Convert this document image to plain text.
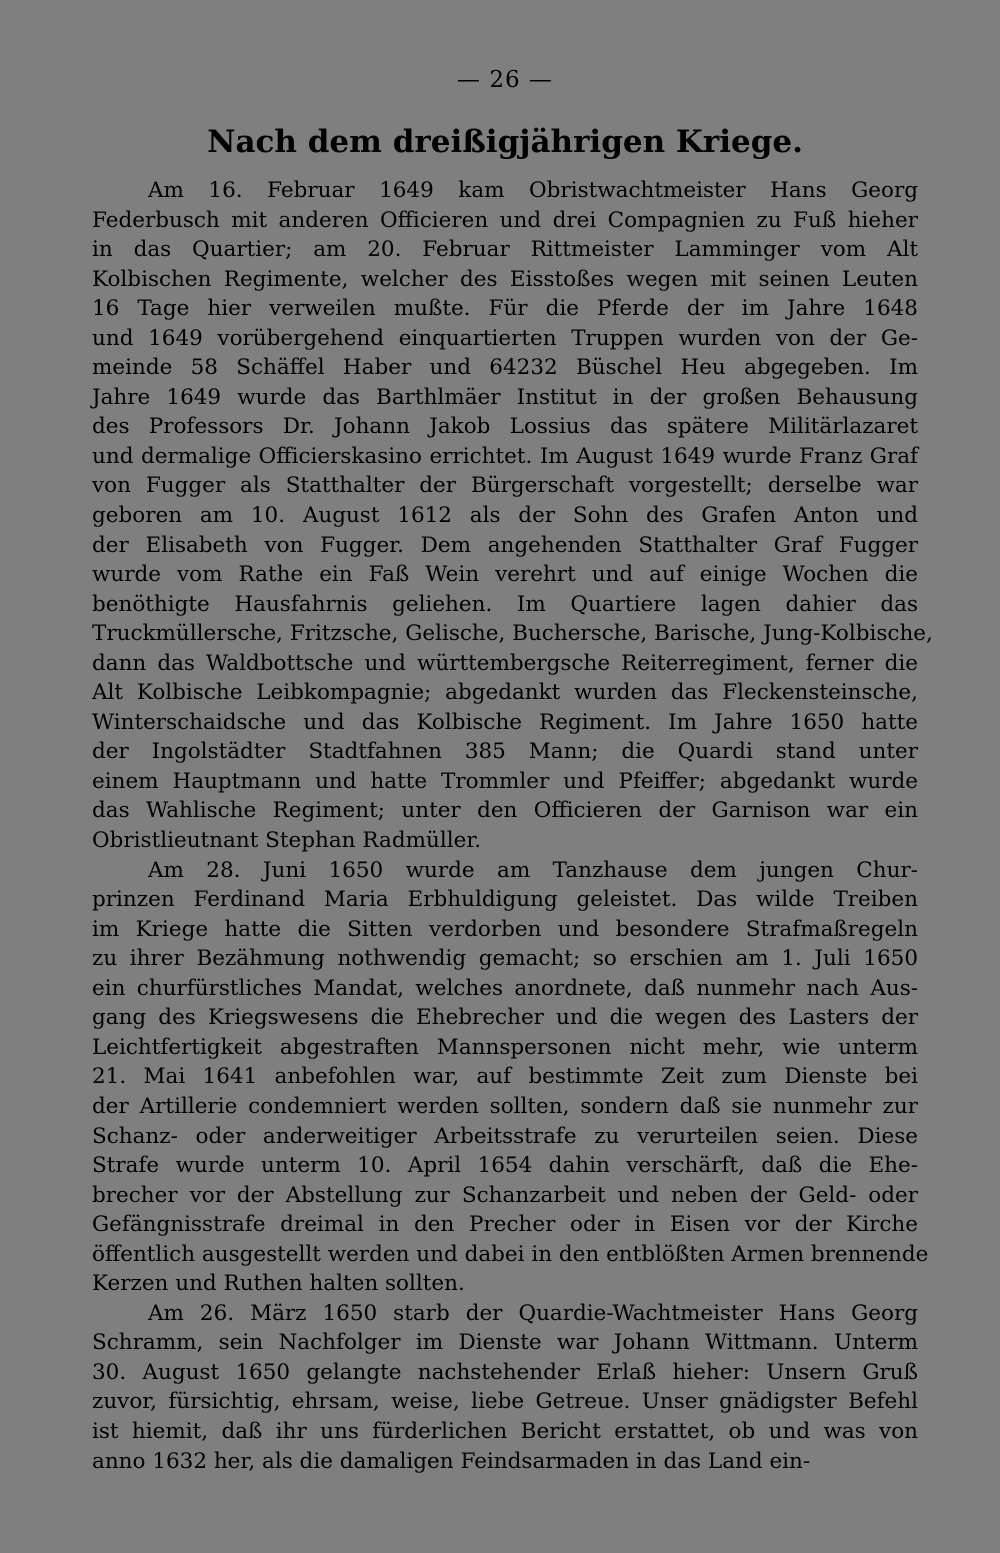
— 26 —
Nach dem dreißigjährigen Kriege.

Am 16. Februar 1649 kam Obristwachtmeister Hans Georg
Federbusch mit anderen Officieren und drei Compagnien zu Fuß hieher
in das Quartier; am 20. Februar Rittmeister Lamminger vom Alt
Kolbischen Regimente, welcher des Eisstoßes wegen mit seinen Leuten
16 Tage hier verweilen mußte. Für die Pferde der im Jahre 1648
und 1649 vorübergehend einquartierten Truppen wurden von der Ge-
meinde 58 Schäffel Haber und 64232 Büschel Heu abgegeben. Im
Jahre 1649 wurde das Barthlmäer Institut in der großen Behausung
des Professors Dr. Johann Jakob Lossius das spätere Militärlazaret
und dermalige Officierskasino errichtet. Im August 1649 wurde Franz Graf
von Fugger als Statthalter der Bürgerschaft vorgestellt; derselbe war
geboren am 10. August 1612 als der Sohn des Grafen Anton und
der Elisabeth von Fugger. Dem angehenden Statthalter Graf Fugger
wurde vom Rathe ein Faß Wein verehrt und auf einige Wochen die
benöthigte Hausfahrnis geliehen. Im Quartiere lagen dahier das
Truckmüllersche, Fritzsche, Gelische, Buchersche, Barische, Jung-Kolbische,
dann das Waldbottsche und württembergsche Reiterregiment, ferner die
Alt Kolbische Leibkompagnie; abgedankt wurden das Fleckensteinsche,
Winterschaidsche und das Kolbische Regiment. Im Jahre 1650 hatte
der Ingolstädter Stadtfahnen 385 Mann; die Quardi stand unter
einem Hauptmann und hatte Trommler und Pfeiffer; abgedankt wurde
das Wahlische Regiment; unter den Officieren der Garnison war ein
Obristlieutnant Stephan Radmüller.

Am 28. Juni 1650 wurde am Tanzhause dem jungen Chur-
prinzen Ferdinand Maria Erbhuldigung geleistet. Das wilde Treiben
im Kriege hatte die Sitten verdorben und besondere Strafmaßregeln
zu ihrer Bezähmung nothwendig gemacht; so erschien am 1. Juli 1650
ein churfürstliches Mandat, welches anordnete, daß nunmehr nach Aus-
gang des Kriegswesens die Ehebrecher und die wegen des Lasters der
Leichtfertigkeit abgestraften Mannspersonen nicht mehr, wie unterm
21. Mai 1641 anbefohlen war, auf bestimmte Zeit zum Dienste bei
der Artillerie condemniert werden sollten, sondern daß sie nunmehr zur
Schanz- oder anderweitiger Arbeitsstrafe zu verurteilen seien. Diese
Strafe wurde unterm 10. April 1654 dahin verschärft, daß die Ehe-
brecher vor der Abstellung zur Schanzarbeit und neben der Geld- oder
Gefängnisstrafe dreimal in den Precher oder in Eisen vor der Kirche
öffentlich ausgestellt werden und dabei in den entblößten Armen brennende
Kerzen und Ruthen halten sollten.

Am 26. März 1650 starb der Quardie-Wachtmeister Hans Georg
Schramm, sein Nachfolger im Dienste war Johann Wittmann. Unterm
30. August 1650 gelangte nachstehender Erlaß hieher: Unsern Gruß
zuvor, fürsichtig, ehrsam, weise, liebe Getreue. Unser gnädigster Befehl
ist hiemit, daß ihr uns fürderlichen Bericht erstattet, ob und was von
anno 1632 her, als die damaligen Feindsarmaden in das Land ein-
